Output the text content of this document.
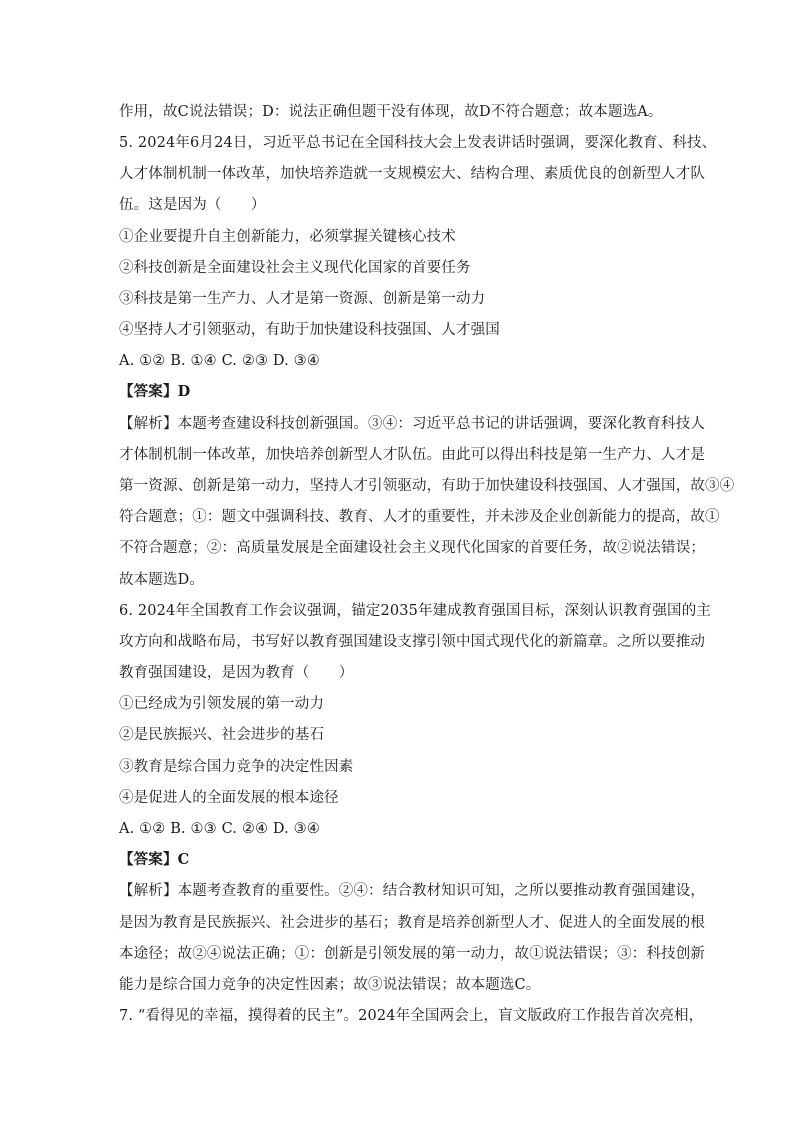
作用，故C说法错误；D：说法正确但题干没有体现，故D不符合题意；故本题选A。
5. 2024年6月24日，习近平总书记在全国科技大会上发表讲话时强调，要深化教育、科技、
人才体制机制一体改革，加快培养造就一支规模宏大、结构合理、素质优良的创新型人才队
伍。这是因为（　　）
①企业要提升自主创新能力，必须掌握关键核心技术
②科技创新是全面建设社会主义现代化国家的首要任务
③科技是第一生产力、人才是第一资源、创新是第一动力
④坚持人才引领驱动，有助于加快建设科技强国、人才强国
A. ①② B. ①④ C. ②③ D. ③④
【答案】D
【解析】本题考查建设科技创新强国。③④：习近平总书记的讲话强调，要深化教育科技人
才体制机制一体改革，加快培养创新型人才队伍。由此可以得出科技是第一生产力、人才是
第一资源、创新是第一动力，坚持人才引领驱动，有助于加快建设科技强国、人才强国，故③④
符合题意；①：题文中强调科技、教育、人才的重要性，并未涉及企业创新能力的提高，故①
不符合题意；②：高质量发展是全面建设社会主义现代化国家的首要任务，故②说法错误；
故本题选D。
6. 2024年全国教育工作会议强调，锚定2035年建成教育强国目标，深刻认识教育强国的主
攻方向和战略布局，书写好以教育强国建设支撑引领中国式现代化的新篇章。之所以要推动
教育强国建设，是因为教育（　　）
①已经成为引领发展的第一动力
②是民族振兴、社会进步的基石
③教育是综合国力竞争的决定性因素
④是促进人的全面发展的根本途径
A. ①② B. ①③ C. ②④ D. ③④
【答案】C
【解析】本题考查教育的重要性。②④：结合教材知识可知，之所以要推动教育强国建设，
是因为教育是民族振兴、社会进步的基石；教育是培养创新型人才、促进人的全面发展的根
本途径；故②④说法正确；①：创新是引领发展的第一动力，故①说法错误；③：科技创新
能力是综合国力竞争的决定性因素；故③说法错误；故本题选C。
7. “看得见的幸福，摸得着的民主”。2024年全国两会上，盲文版政府工作报告首次亮相，
